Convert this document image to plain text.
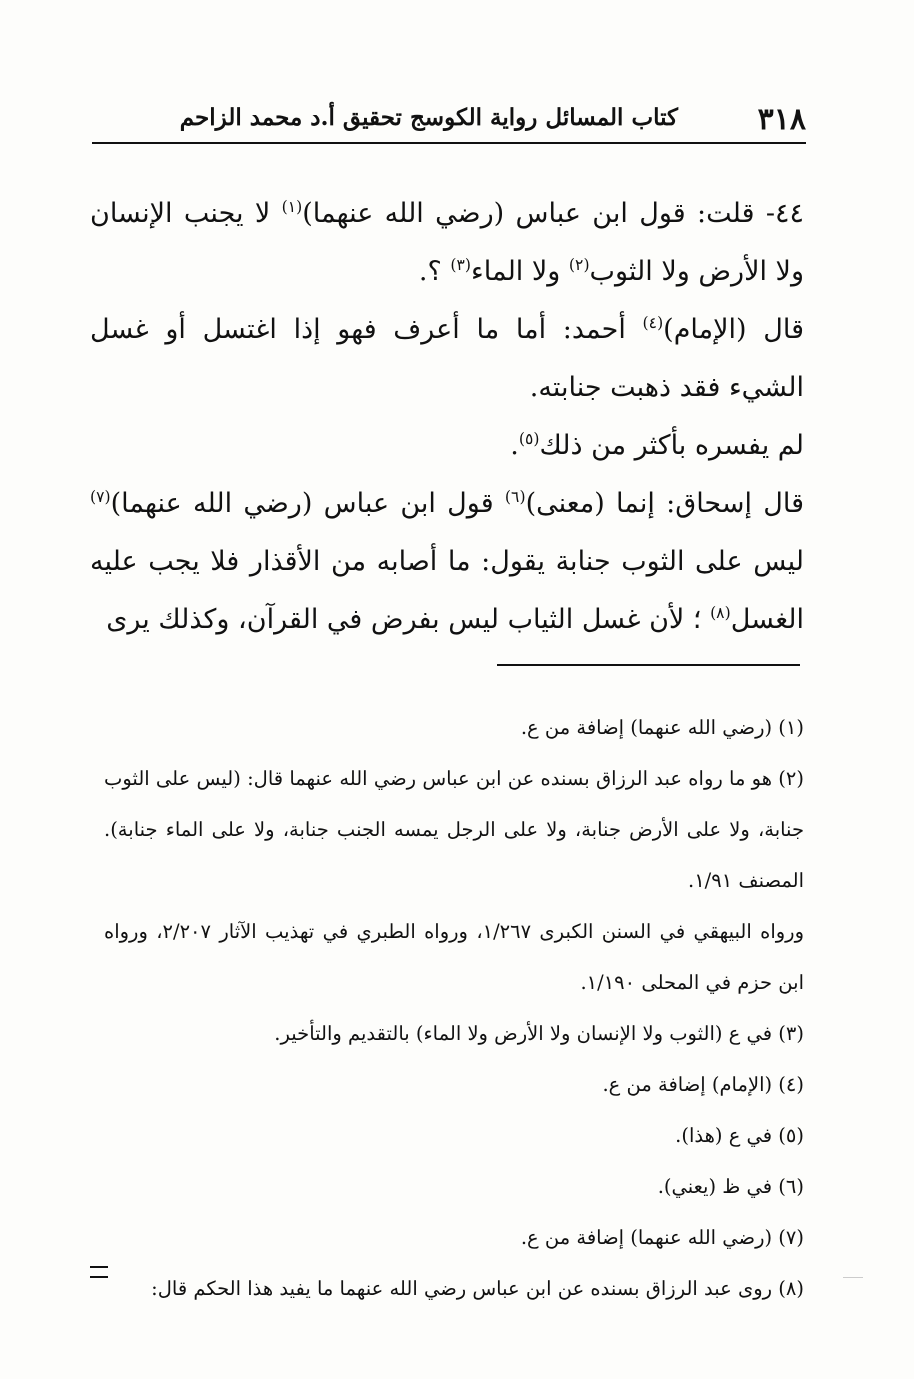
٣١٨
كتاب المسائل رواية الكوسج تحقيق أ.د محمد الزاحم

٤٤- قلت: قول ابن عباس (رضي الله عنهما)$^{(١)}$ لا يجنب الإنسان ولا الأرض ولا الثوب$^{(٢)}$ ولا الماء$^{(٣)}$ ؟.

قال (الإمام)$^{(٤)}$ أحمد: أما ما أعرف فهو إذا اغتسل أو غسل الشيء فقد ذهبت جنابته.

لم يفسره بأكثر من ذلك$^{(٥)}$.

قال إسحاق: إنما (معنى)$^{(٦)}$ قول ابن عباس (رضي الله عنهما)$^{(٧)}$ ليس على الثوب جنابة يقول: ما أصابه من الأقذار فلا يجب عليه الغسل$^{(٨)}$ ؛ لأن غسل الثياب ليس بفرض في القرآن، وكذلك يرى

(١) (رضي الله عنهما) إضافة من ع.

(٢) هو ما رواه عبد الرزاق بسنده عن ابن عباس رضي الله عنهما قال: (ليس على الثوب جنابة، ولا على الأرض جنابة، ولا على الرجل يمسه الجنب جنابة، ولا على الماء جنابة). المصنف ١/٩١.

ورواه البيهقي في السنن الكبرى ١/٢٦٧، ورواه الطبري في تهذيب الآثار ٢/٢٠٧، ورواه ابن حزم في المحلى ١/١٩٠.

(٣) في ع (الثوب ولا الإنسان ولا الأرض ولا الماء) بالتقديم والتأخير.

(٤) (الإمام) إضافة من ع.

(٥) في ع (هذا).

(٦) في ظ (يعني).

(٧) (رضي الله عنهما) إضافة من ع.

(٨) روى عبد الرزاق بسنده عن ابن عباس رضي الله عنهما ما يفيد هذا الحكم قال:
